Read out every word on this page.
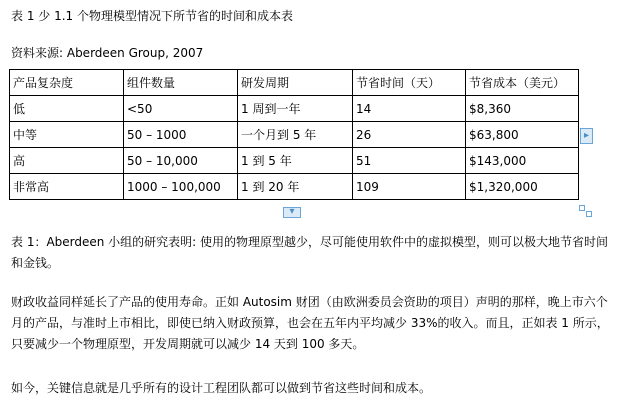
表 1 少 1.1 个物理模型情况下所节省的时间和成本表
资料来源: Aberdeen Group, 2007
产品复杂度	组件数量	研发周期	节省时间（天）	节省成本（美元）
低	<50	1 周到一年	14	$8,360
中等	50 – 1000	一个月到 5 年	26	$63,800
高	50 – 10,000	1 到 5 年	51	$143,000
非常高	1000 – 100,000	1 到 20 年	109	$1,320,000
▸
▾
表 1：Aberdeen 小组的研究表明: 使用的物理原型越少，尽可能使用软件中的虚拟模型，则可以极大地节省时间和金钱。
财政收益同样延长了产品的使用寿命。正如 Autosim 财团（由欧洲委员会资助的项目）声明的那样，晚上市六个月的产品，与准时上市相比，即使已纳入财政预算，也会在五年内平均减少 33%的收入。而且，正如表 1 所示，只要减少一个物理原型，开发周期就可以减少 14 天到 100 多天。
如今，关键信息就是几乎所有的设计工程团队都可以做到节省这些时间和成本。
